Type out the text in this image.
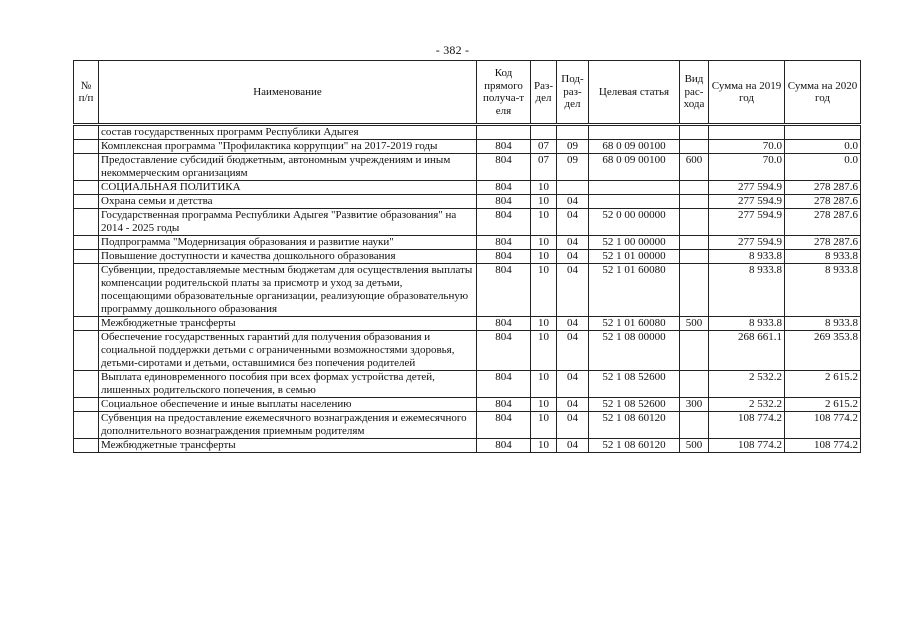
- 382 -
№ п/п	Наименование	Код прямого получа-т еля	Раз-дел	Под-раз-дел	Целевая статья	Вид рас-хода	Сумма на 2019 год	Сумма на 2020 год
	состав государственных программ Республики Адыгея							
	Комплексная программа "Профилактика коррупции" на 2017-2019 годы	804	07	09	68 0 09 00100		70.0	0.0
	Предоставление субсидий бюджетным, автономным учреждениям и иным некоммерческим организациям	804	07	09	68 0 09 00100	600	70.0	0.0
	СОЦИАЛЬНАЯ ПОЛИТИКА	804	10				277 594.9	278 287.6
	Охрана семьи и детства	804	10	04			277 594.9	278 287.6
	Государственная программа Республики Адыгея "Развитие образования" на 2014 - 2025 годы	804	10	04	52 0 00 00000		277 594.9	278 287.6
	Подпрограмма "Модернизация образования и развитие науки"	804	10	04	52 1 00 00000		277 594.9	278 287.6
	Повышение доступности и качества дошкольного образования	804	10	04	52 1 01 00000		8 933.8	8 933.8
	Субвенции, предоставляемые местным бюджетам для осуществления выплаты компенсации родительской платы за присмотр и уход за детьми, посещающими образовательные организации, реализующие образовательную программу дошкольного образования	804	10	04	52 1 01 60080		8 933.8	8 933.8
	Межбюджетные трансферты	804	10	04	52 1 01 60080	500	8 933.8	8 933.8
	Обеспечение государственных гарантий для получения образования и социальной поддержки детьми с ограниченными возможностями здоровья, детьми-сиротами и детьми, оставшимися без попечения родителей	804	10	04	52 1 08 00000		268 661.1	269 353.8
	Выплата единовременного пособия при всех формах устройства детей, лишенных родительского попечения, в семью	804	10	04	52 1 08 52600		2 532.2	2 615.2
	Социальное обеспечение и иные выплаты населению	804	10	04	52 1 08 52600	300	2 532.2	2 615.2
	Субвенция на предоставление ежемесячного вознаграждения и ежемесячного дополнительного вознаграждения приемным родителям	804	10	04	52 1 08 60120		108 774.2	108 774.2
	Межбюджетные трансферты	804	10	04	52 1 08 60120	500	108 774.2	108 774.2
